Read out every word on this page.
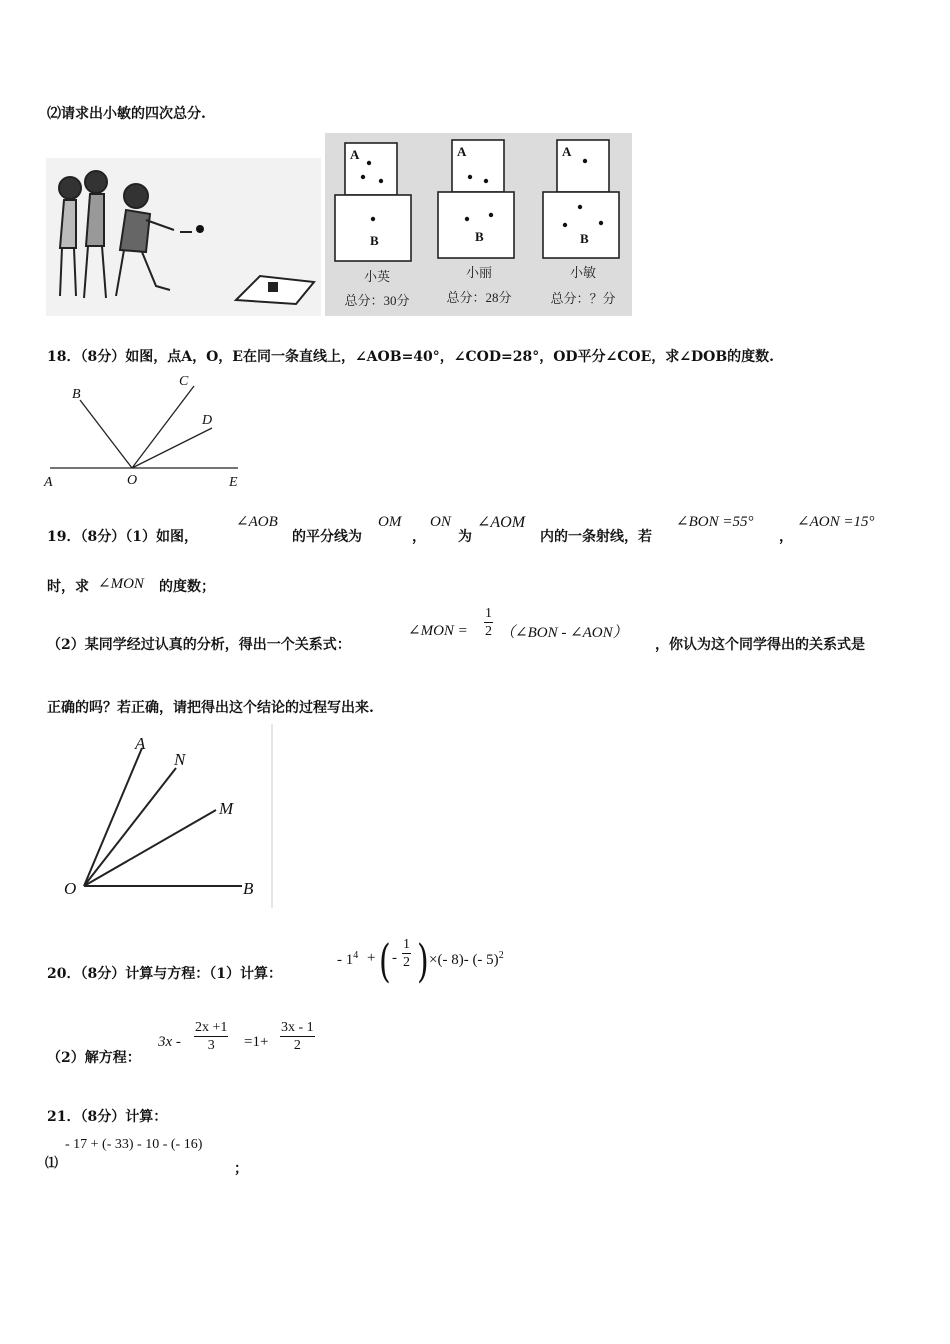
⑵请求出小敏的四次总分.
A
B
A
B
A
B
小英
总分：30分
小丽
总分：28分
小敏
总分：？分
18．（8分）如图，点A，O，E在同一条直线上，∠AOB=40°，∠COD=28°，OD平分∠COE，求∠DOB的度数.
A	O	E
B
C
D
19．（8分）（1）如图，
∠AOB
的平分线为
OM
，
ON
为
∠AOM
内的一条射线，若
∠BON =55°
，
∠AON =15°
时，求 ∠MON 的度数；
（2）某同学经过认真的分析，得出一个关系式：
∠MON = $\frac{1}{2}$ （∠BON - ∠AON）
，你认为这个同学得出的关系式是
正确的吗？若正确，请把得出这个结论的过程写出来.
O	B
A
N
M
20．（8分）计算与方程：（1）计算：
- $1^4$ + ( - $\frac{1}{2}$ ) ×(- 8)- (- 5)$^2$
（2）解方程：
$3x - \frac{2x +1}{3} =1+ \frac{3x - 1}{2}$
21．（8分）计算：
⑴
- 17 + (- 33) - 10 - (- 16)
；
